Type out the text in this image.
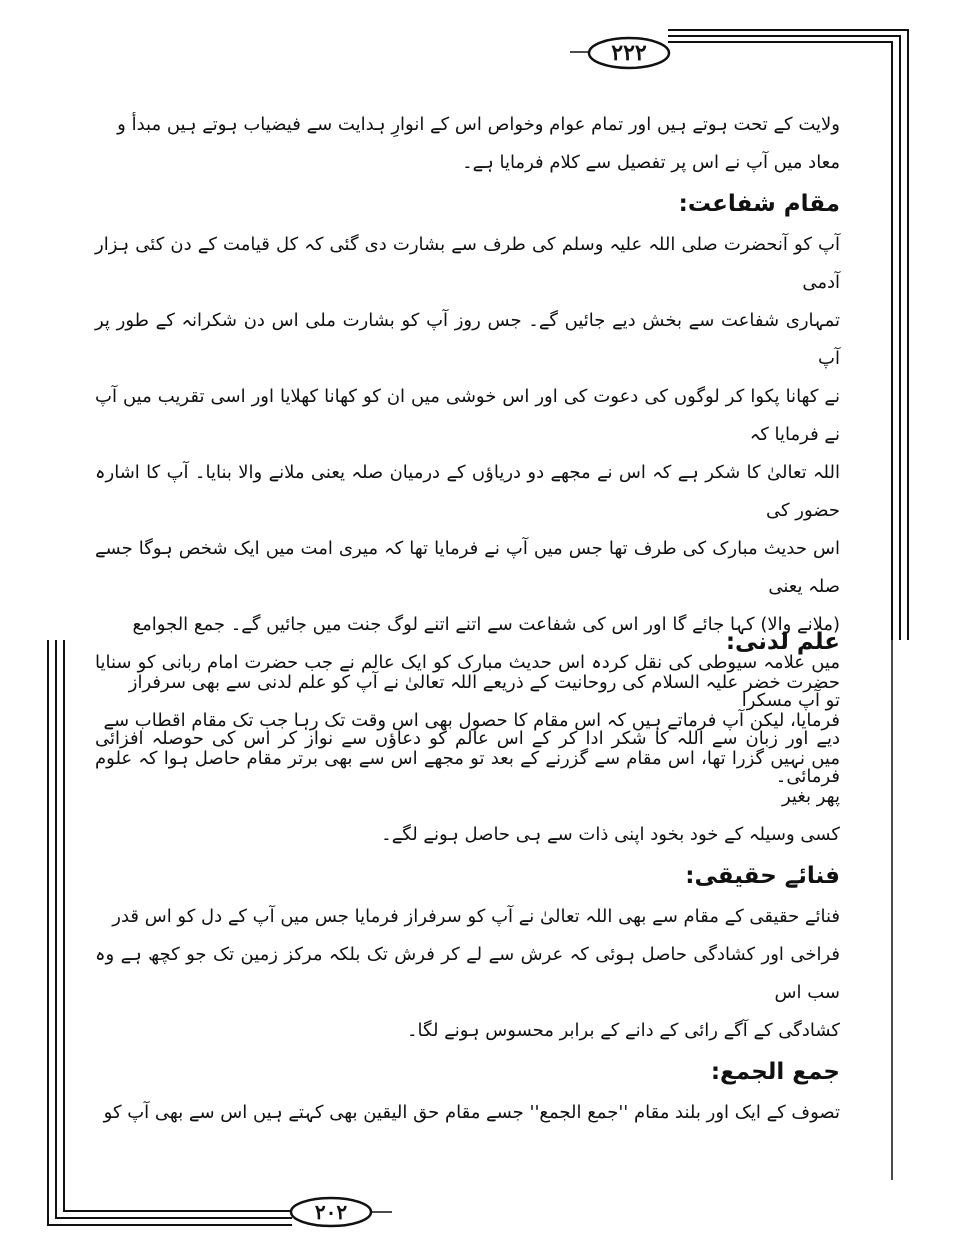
۲۲۲
۲۰۲

ولایت کے تحت ہوتے ہیں اور تمام عوام وخواص اس کے انوارِ ہدایت سے فیضیاب ہوتے ہیں مبدأ و

معاد میں آپ نے اس پر تفصیل سے کلام فرمایا ہے۔

مقام شفاعت:

آپ کو آنحضرت صلی اللہ علیہ وسلم کی طرف سے بشارت دی گئی کہ کل قیامت کے دن کئی ہزار آدمی

تمہاری شفاعت سے بخش دیے جائیں گے۔ جس روز آپ کو بشارت ملی اس دن شکرانہ کے طور پر آپ

نے کھانا پکوا کر لوگوں کی دعوت کی اور اس خوشی میں ان کو کھانا کھلایا اور اسی تقریب میں آپ نے فرمایا کہ

اللہ تعالیٰ کا شکر ہے کہ اس نے مجھے دو دریاؤں کے درمیان صلہ یعنی ملانے والا بنایا۔ آپ کا اشارہ حضور کی

اس حدیث مبارک کی طرف تھا جس میں آپ نے فرمایا تھا کہ میری امت میں ایک شخص ہوگا جسے صلہ یعنی

(ملانے والا) کہا جائے گا اور اس کی شفاعت سے اتنے اتنے لوگ جنت میں جائیں گے۔ جمع الجوامع

میں علامہ سیوطی کی نقل کردہ اس حدیث مبارک کو ایک عالم نے جب حضرت امام ربانی کو سنایا تو آپ مسکرا

دیے اور زبان سے اللہ کا شکر ادا کر کے اس عالم کو دعاؤں سے نواز کر اس کی حوصلہ افزائی فرمائی۔

علم لدنی:

حضرت خضر علیہ السلام کی روحانیت کے ذریعے اللہ تعالیٰ نے آپ کو علم لدنی سے بھی سرفراز

فرمایا، لیکن آپ فرماتے ہیں کہ اس مقام کا حصول بھی اس وقت تک رہا جب تک مقام اقطاب سے

میں نہیں گزرا تھا، اس مقام سے گزرنے کے بعد تو مجھے اس سے بھی برتر مقام حاصل ہوا کہ علوم پھر بغیر

کسی وسیلہ کے خود بخود اپنی ذات سے ہی حاصل ہونے لگے۔

فنائے حقیقی:

فنائے حقیقی کے مقام سے بھی اللہ تعالیٰ نے آپ کو سرفراز فرمایا جس میں آپ کے دل کو اس قدر

فراخی اور کشادگی حاصل ہوئی کہ عرش سے لے کر فرش تک بلکہ مرکز زمین تک جو کچھ ہے وہ سب اس

کشادگی کے آگے رائی کے دانے کے برابر محسوس ہونے لگا۔

جمع الجمع:

تصوف کے ایک اور بلند مقام ''جمع الجمع'' جسے مقام حق الیقین بھی کہتے ہیں اس سے بھی آپ کو
